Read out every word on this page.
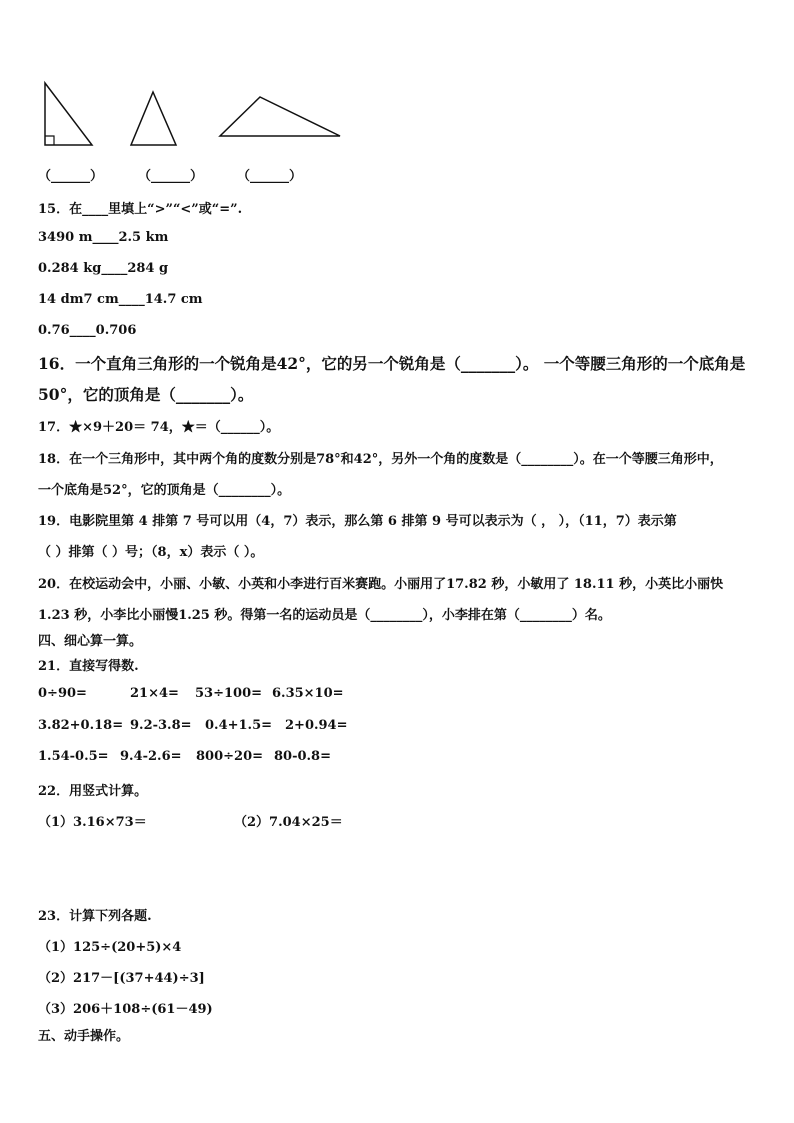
（______）	（______）	（______）
15．在____里填上“>”“<”或“=”.
3490 m____2.5 km
0.284 kg____284 g
14 dm7 cm____14.7 cm
0.76____0.706
16．一个直角三角形的一个锐角是42°，它的另一个锐角是（_______）。 一个等腰三角形的一个底角是
50°，它的顶角是（_______）。
17．★×9＋20＝ 74，★＝（______）。
18．在一个三角形中，其中两个角的度数分别是78°和42°，另外一个角的度数是（________）。在一个等腰三角形中，
一个底角是52°，它的顶角是（________）。
19．电影院里第 4 排第 7 号可以用（4，7）表示，那么第 6 排第 9 号可以表示为（ ， ），（11，7）表示第
（ ）排第（ ）号；（8，x）表示（ ）。
20．在校运动会中，小丽、小敏、小英和小李进行百米赛跑。小丽用了17.82 秒，小敏用了 18.11 秒，小英比小丽快
1.23 秒，小李比小丽慢1.25 秒。得第一名的运动员是（________），小李排在第（________）名。
四、细心算一算。
21．直接写得数.
0÷90=	21×4= 53÷100= 6.35×10=
3.82+0.18= 9.2-3.8= 0.4+1.5= 2+0.94=
1.54-0.5= 9.4-2.6= 800÷20= 80-0.8=
22．用竖式计算。
（1）3.16×73＝	（2）7.04×25＝
23．计算下列各题.
（1）125÷(20+5)×4
（2）217－[(37+44)÷3]
（3）206＋108÷(61－49)
五、动手操作。
